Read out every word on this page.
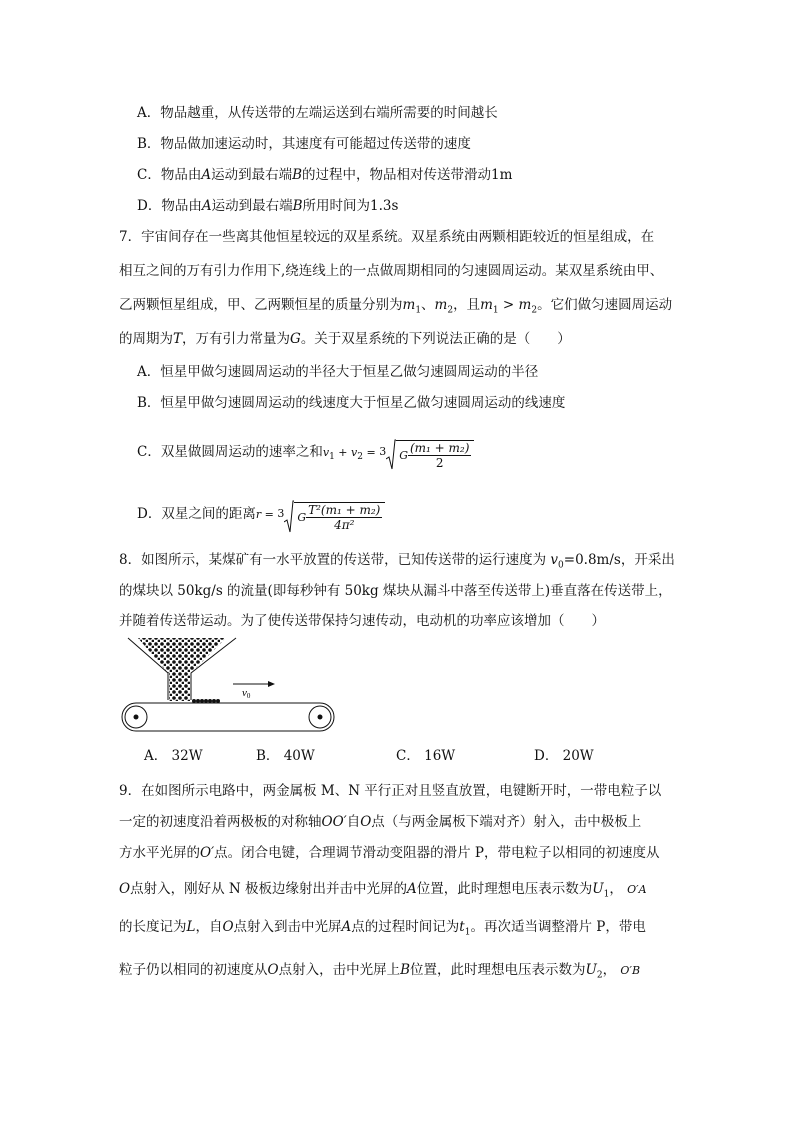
A．物品越重，从传送带的左端运送到右端所需要的时间越长
B．物品做加速运动时，其速度有可能超过传送带的速度
C．物品由A运动到最右端B的过程中，物品相对传送带滑动1m
D．物品由A运动到最右端B所用时间为1.3s
7．宇宙间存在一些离其他恒星较远的双星系统。双星系统由两颗相距较近的恒星组成，在
相互之间的万有引力作用下,绕连线上的一点做周期相同的匀速圆周运动。某双星系统由甲、
乙两颗恒星组成，甲、乙两颗恒星的质量分别为$m_1$、$m_2$，且$m_1 > m_2$。它们做匀速圆周运动
的周期为T，万有引力常量为G。关于双星系统的下列说法正确的是（　　）
A．恒星甲做匀速圆周运动的半径大于恒星乙做匀速圆周运动的半径
B．恒星甲做匀速圆周运动的线速度大于恒星乙做匀速圆周运动的线速度
C．双星做圆周运动的速率之和$v_1 + v_2 = ^3$ G $\frac{\text{(m₁ + m₂)}}{2}$
D．双星之间的距离r = $^3$ G $\frac{\text{T²(m₁ + m₂)}}{\text{4π²}}$
8．如图所示，某煤矿有一水平放置的传送带，已知传送带的运行速度为 $v_0=0.8m/s$，开采出
的煤块以 50kg/s 的流量(即每秒钟有 50kg 煤块从漏斗中落至传送带上)垂直落在传送带上，
并随着传送带运动。为了使传送带保持匀速传动，电动机的功率应该增加（　　）
v0
A． 32W	B． 40W	C． 16W	D． 20W
9．在如图所示电路中，两金属板 M、N 平行正对且竖直放置，电键断开时，一带电粒子以
一定的初速度沿着两极板的对称轴OO′自O点（与两金属板下端对齐）射入，击中极板上
方水平光屏的O′点。闭合电键，合理调节滑动变阻器的滑片 P，带电粒子以相同的初速度从
O点射入，刚好从 N 极板边缘射出并击中光屏的A位置，此时理想电压表示数为$U_1$， O′A
的长度记为L，自O点射入到击中光屏A点的过程时间记为$t_1$。再次适当调整滑片 P，带电
粒子仍以相同的初速度从O点射入，击中光屏上B位置，此时理想电压表示数为$U_2$， O′B
